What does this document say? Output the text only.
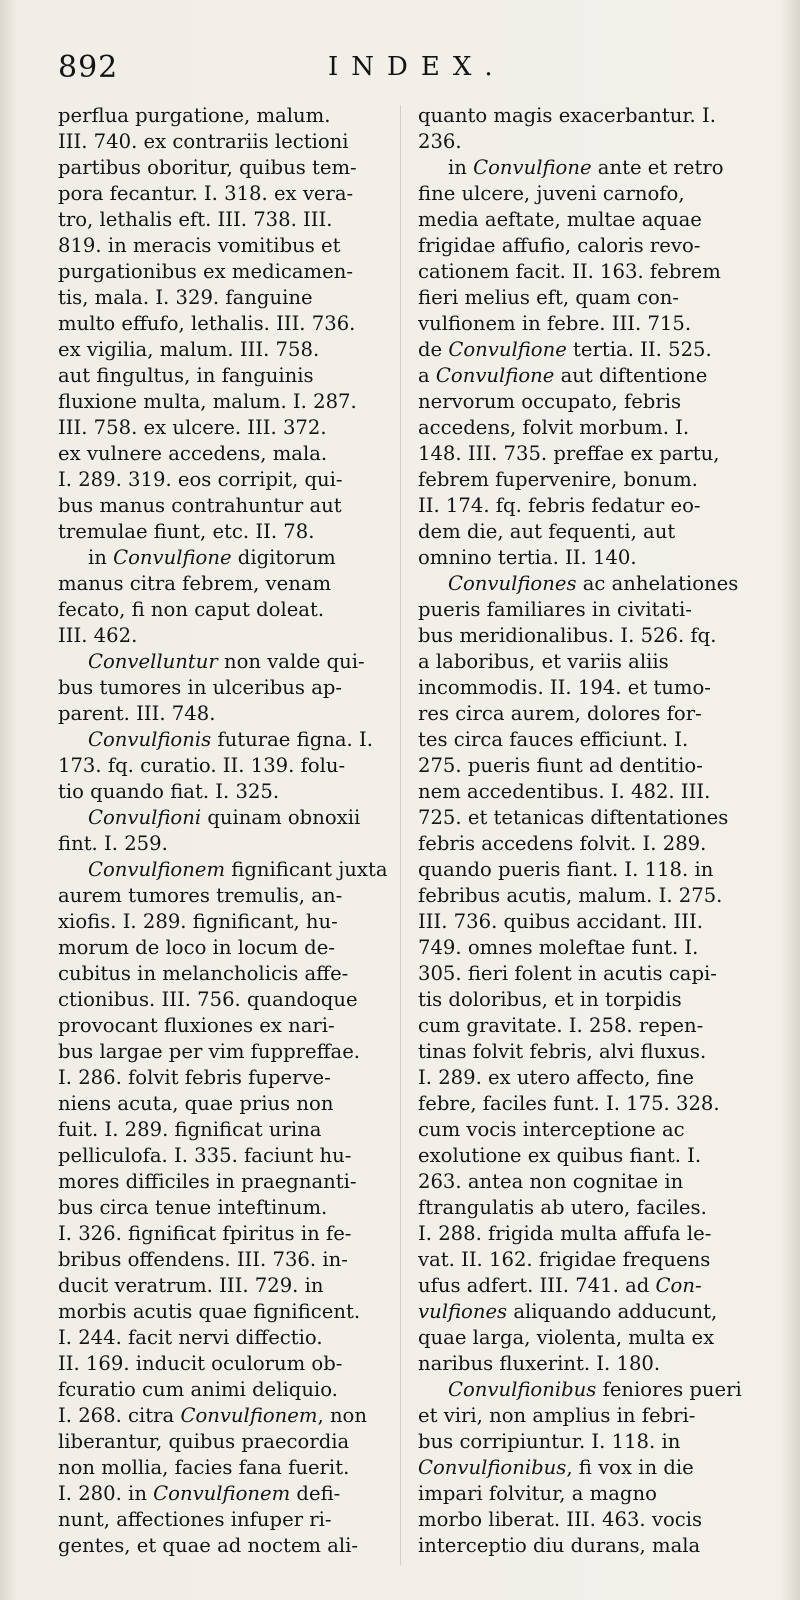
892	INDEX.
perflua purgatione, malum.
III. 740. ex contrariis lectioni
partibus oboritur, quibus tem-
pora fecantur. I. 318. ex vera-
tro, lethalis eft. III. 738. III.
819. in meracis vomitibus et
purgationibus ex medicamen-
tis, mala. I. 329. fanguine
multo effufo, lethalis. III. 736.
ex vigilia, malum. III. 758.
aut fingultus, in fanguinis
fluxione multa, malum. I. 287.
III. 758. ex ulcere. III. 372.
ex vulnere accedens, mala.
I. 289. 319. eos corripit, qui-
bus manus contrahuntur aut
tremulae fiunt, etc. II. 78.
in Convulfione digitorum
manus citra febrem, venam
fecato, fi non caput doleat.
III. 462.
Convelluntur non valde qui-
bus tumores in ulceribus ap-
parent. III. 748.
Convulfionis futurae figna. I.
173. fq. curatio. II. 139. folu-
tio quando fiat. I. 325.
Convulfioni quinam obnoxii
fint. I. 259.
Convulfionem fignificant juxta
aurem tumores tremulis, an-
xiofis. I. 289. fignificant, hu-
morum de loco in locum de-
cubitus in melancholicis affe-
ctionibus. III. 756. quandoque
provocant fluxiones ex nari-
bus largae per vim fuppreffae.
I. 286. folvit febris fuperve-
niens acuta, quae prius non
fuit. I. 289. fignificat urina
pelliculofa. I. 335. faciunt hu-
mores difficiles in praegnanti-
bus circa tenue inteftinum.
I. 326. fignificat fpiritus in fe-
bribus offendens. III. 736. in-
ducit veratrum. III. 729. in
morbis acutis quae fignificent.
I. 244. facit nervi diffectio.
II. 169. inducit oculorum ob-
fcuratio cum animi deliquio.
I. 268. citra Convulfionem, non
liberantur, quibus praecordia
non mollia, facies fana fuerit.
I. 280. in Convulfionem defi-
nunt, affectiones infuper ri-
gentes, et quae ad noctem ali-
quanto magis exacerbantur. I.
236.
in Convulfione ante et retro
fine ulcere, juveni carnofo,
media aeftate, multae aquae
frigidae affufio, caloris revo-
cationem facit. II. 163. febrem
fieri melius eft, quam con-
vulfionem in febre. III. 715.
de Convulfione tertia. II. 525.
a Convulfione aut diftentione
nervorum occupato, febris
accedens, folvit morbum. I.
148. III. 735. preffae ex partu,
febrem fupervenire, bonum.
II. 174. fq. febris fedatur eo-
dem die, aut fequenti, aut
omnino tertia. II. 140.
Convulfiones ac anhelationes
pueris familiares in civitati-
bus meridionalibus. I. 526. fq.
a laboribus, et variis aliis
incommodis. II. 194. et tumo-
res circa aurem, dolores for-
tes circa fauces efficiunt. I.
275. pueris fiunt ad dentitio-
nem accedentibus. I. 482. III.
725. et tetanicas diftentationes
febris accedens folvit. I. 289.
quando pueris fiant. I. 118. in
febribus acutis, malum. I. 275.
III. 736. quibus accidant. III.
749. omnes moleftae funt. I.
305. fieri folent in acutis capi-
tis doloribus, et in torpidis
cum gravitate. I. 258. repen-
tinas folvit febris, alvi fluxus.
I. 289. ex utero affecto, fine
febre, faciles funt. I. 175. 328.
cum vocis interceptione ac
exolutione ex quibus fiant. I.
263. antea non cognitae in
ftrangulatis ab utero, faciles.
I. 288. frigida multa affufa le-
vat. II. 162. frigidae frequens
ufus adfert. III. 741. ad Con-
vulfiones aliquando adducunt,
quae larga, violenta, multa ex
naribus fluxerint. I. 180.
Convulfionibus feniores pueri
et viri, non amplius in febri-
bus corripiuntur. I. 118. in
Convulfionibus, fi vox in die
impari folvitur, a magno
morbo liberat. III. 463. vocis
interceptio diu durans, mala
